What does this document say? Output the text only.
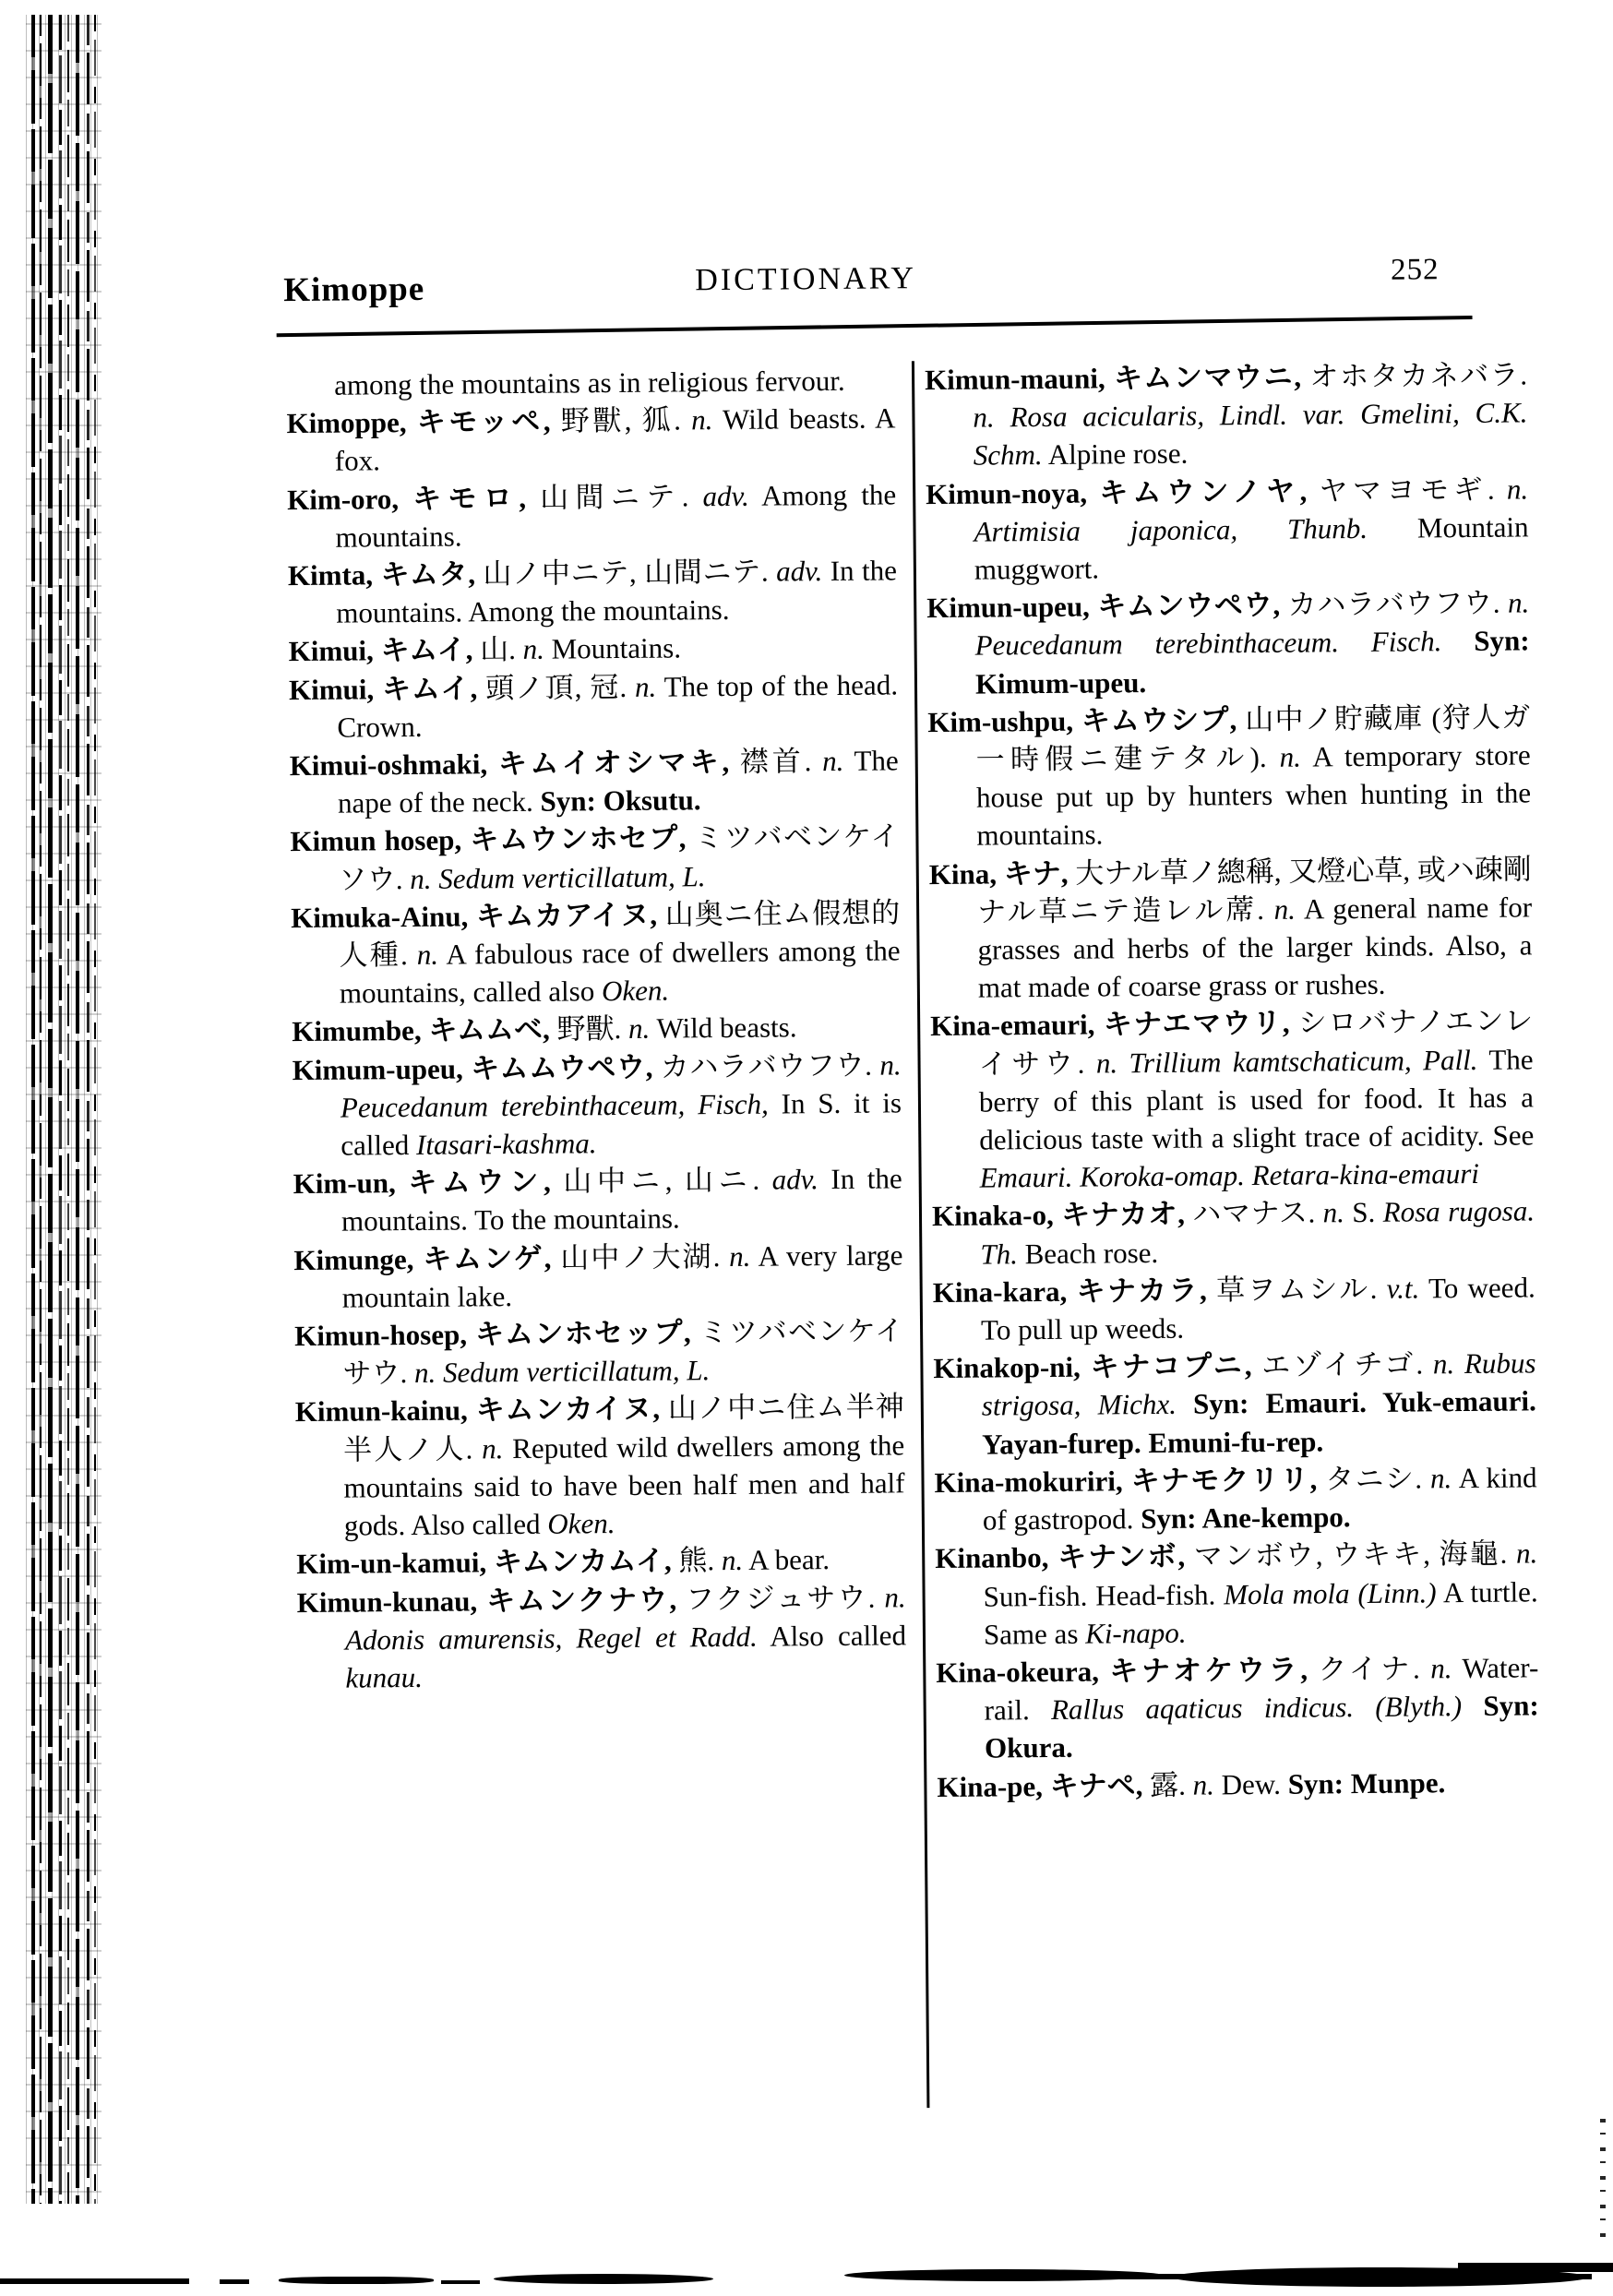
Kimoppe	DICTIONARY	252

among the mountains as in religious fervour.

Kimoppe, キモッペ, 野獸, 狐. n. Wild beasts. A fox.

Kim-oro, キモロ, 山間ニテ. adv. Among the mountains.

Kimta, キムタ, 山ノ中ニテ, 山間ニテ. adv. In the mountains. Among the mountains.

Kimui, キムイ, 山. n. Mountains.

Kimui, キムイ, 頭ノ頂, 冠. n. The top of the head. Crown.

Kimui-oshmaki, キムイオシマキ, 襟首. n. The nape of the neck. Syn: Oksutu.

Kimun hosep, キムウンホセプ, ミツバベンケイソウ. n. Sedum verticillatum, L.

Kimuka-Ainu, キムカアイヌ, 山奥ニ住ム假想的人種. n. A fabulous race of dwellers among the mountains, called also Oken.

Kimumbe, キムムベ, 野獸. n. Wild beasts.

Kimum-upeu, キムムウペウ, カハラバウフウ. n. Peucedanum terebinthaceum, Fisch, In S. it is called Itasari-kashma.

Kim-un, キムウン, 山中ニ, 山ニ. adv. In the mountains. To the mountains.

Kimunge, キムンゲ, 山中ノ大湖. n. A very large mountain lake.

Kimun-hosep, キムンホセップ, ミツバベンケイサウ. n. Sedum verticillatum, L.

Kimun-kainu, キムンカイヌ, 山ノ中ニ住ム半神半人ノ人. n. Reputed wild dwellers among the mountains said to have been half men and half gods. Also called Oken.

Kim-un-kamui, キムンカムイ, 熊. n. A bear.

Kimun-kunau, キムンクナウ, フクジュサウ. n. Adonis amurensis, Regel et Radd. Also called kunau.

Kimun-mauni, キムンマウニ, オホタカネバラ. n. Rosa acicularis, Lindl. var. Gmelini, C.K. Schm. Alpine rose.

Kimun-noya, キムウンノヤ, ヤマヨモギ. n. Artimisia japonica, Thunb. Mountain muggwort.

Kimun-upeu, キムンウペウ, カハラバウフウ. n. Peucedanum terebinthaceum. Fisch. Syn: Kimum-upeu.

Kim-ushpu, キムウシプ, 山中ノ貯藏庫 (狩人ガ一時假ニ建テタル). n. A temporary store house put up by hunters when hunting in the mountains.

Kina, キナ, 大ナル草ノ總稱, 又燈心草, 或ハ疎剛ナル草ニテ造レル蓆. n. A general name for grasses and herbs of the larger kinds. Also, a mat made of coarse grass or rushes.

Kina-emauri, キナエマウリ, シロバナノエンレイサウ. n. Trillium kamtschaticum, Pall. The berry of this plant is used for food. It has a delicious taste with a slight trace of acidity. See Emauri. Koroka-omap. Retara-kina-emauri

Kinaka-o, キナカオ, ハマナス. n. S. Rosa rugosa. Th. Beach rose.

Kina-kara, キナカラ, 草ヲムシル. v.t. To weed. To pull up weeds.

Kinakop-ni, キナコプニ, エゾイチゴ. n. Rubus strigosa, Michx. Syn: Emauri. Yuk-emauri. Yayan-furep. Emuni-fu-rep.

Kina-mokuriri, キナモクリリ, タニシ. n. A kind of gastropod. Syn: Ane-kempo.

Kinanbo, キナンボ, マンボウ, ウキキ, 海龜. n. Sun-fish. Head-fish. Mola mola (Linn.) A turtle. Same as Ki-napo.

Kina-okeura, キナオケウラ, クイナ. n. Water-rail. Rallus aqaticus indicus. (Blyth.) Syn: Okura.

Kina-pe, キナペ, 露. n. Dew. Syn: Munpe.
